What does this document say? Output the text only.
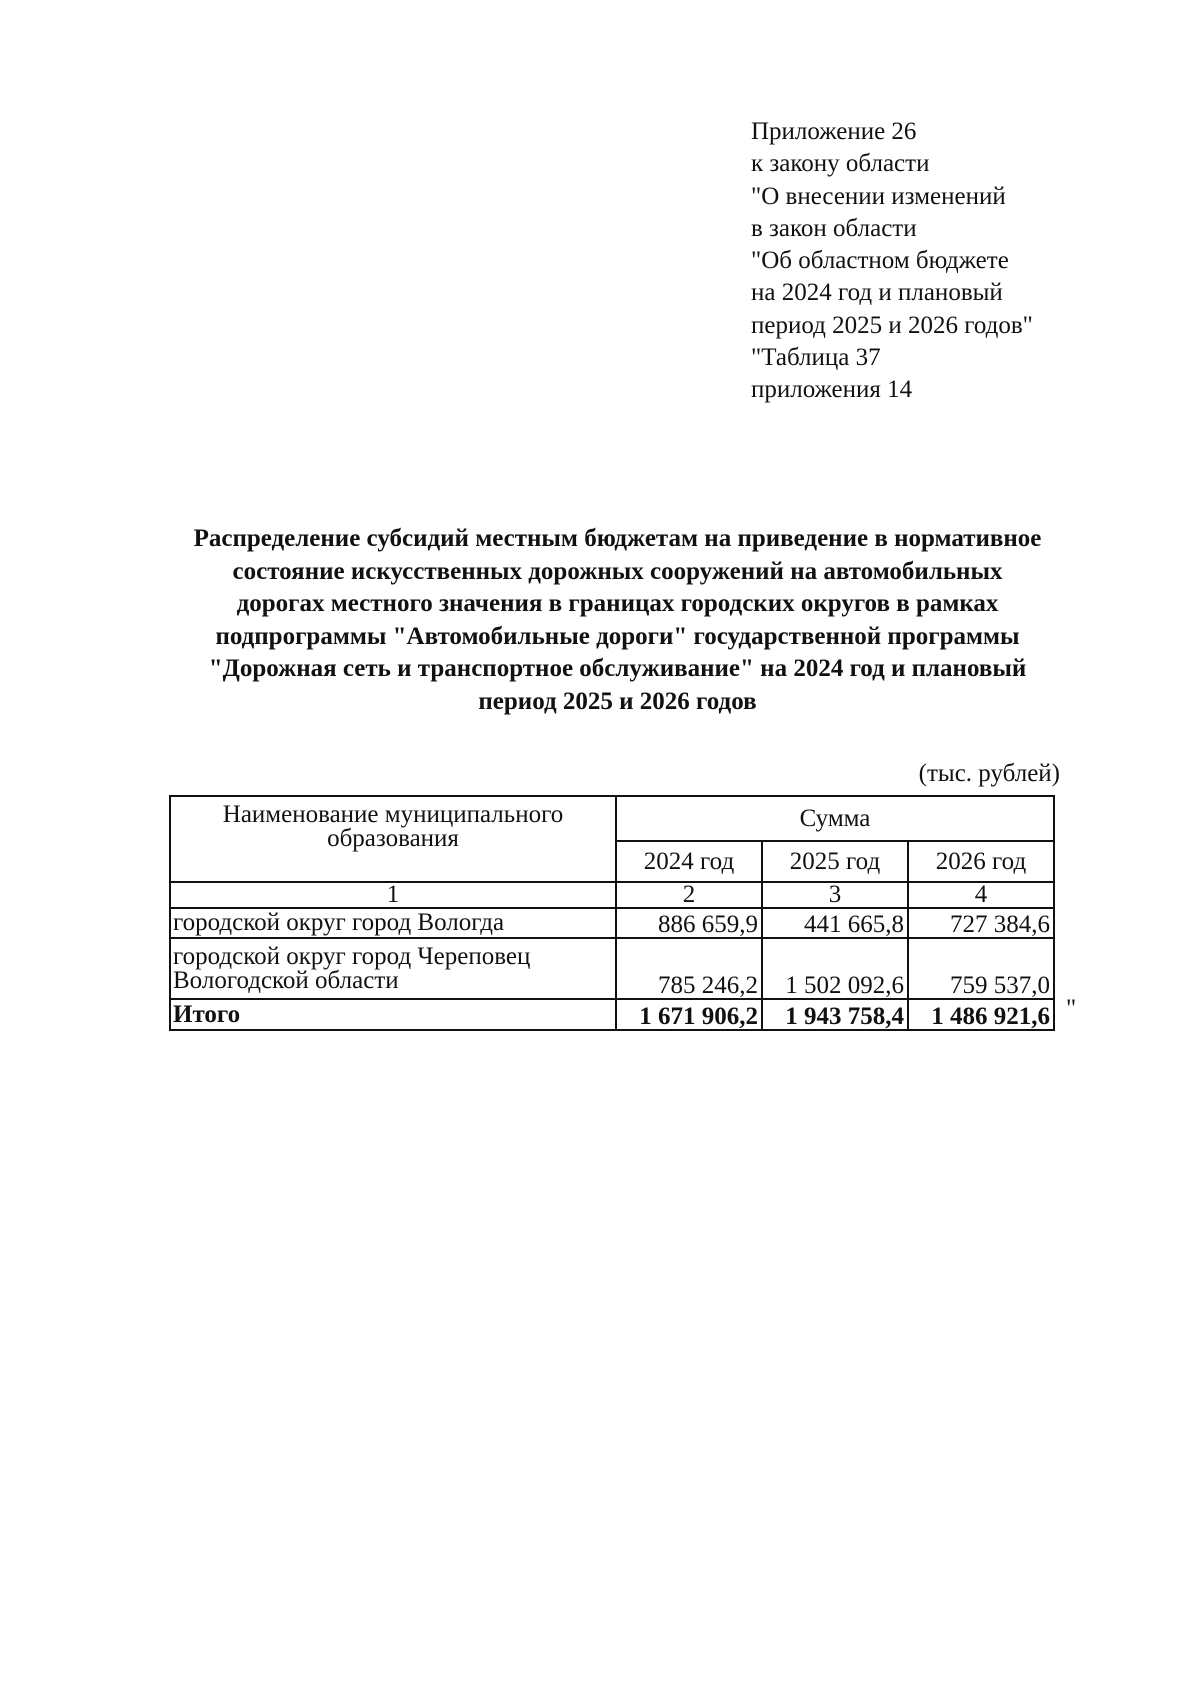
Приложение 26
к закону области
"О внесении изменений
в закон области
"Об областном бюджете
на 2024 год и плановый
период 2025 и 2026 годов"
"Таблица 37
приложения 14
Распределение субсидий местным бюджетам на приведение в нормативное
состояние искусственных дорожных сооружений на автомобильных
дорогах местного значения в границах городских округов в рамках
подпрограммы "Автомобильные дороги" государственной программы
"Дорожная сеть и транспортное обслуживание" на 2024 год и плановый
период 2025 и 2026 годов
(тыс. рублей)
Наименование муниципального образования	Сумма		
	2024 год	2025 год	2026 год
1	2	3	4
городской округ город Вологда	886 659,9	441 665,8	727 384,6
городской округ город Череповец
Вологодской области	785 246,2	1 502 092,6	759 537,0
Итого	1 671 906,2	1 943 758,4	1 486 921,6 "
